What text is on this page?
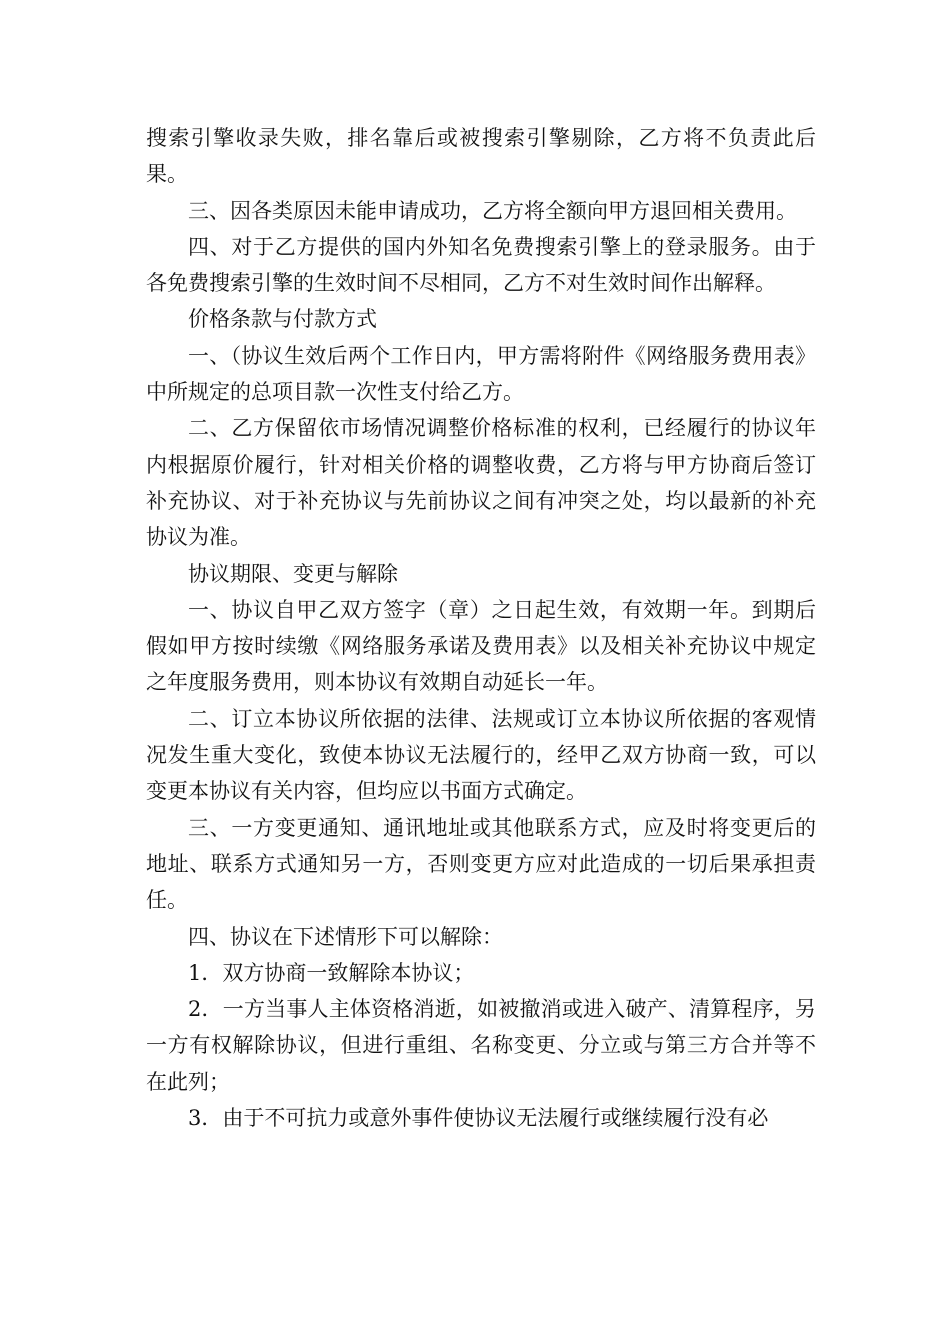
搜索引擎收录失败，排名靠后或被搜索引擎剔除，乙方将不负责此后果。

三、因各类原因未能申请成功，乙方将全额向甲方退回相关费用。

四、对于乙方提供的国内外知名免费搜索引擎上的登录服务。由于各免费搜索引擎的生效时间不尽相同，乙方不对生效时间作出解释。

价格条款与付款方式

一、（协议生效后两个工作日内，甲方需将附件《网络服务费用表》中所规定的总项目款一次性支付给乙方。

二、乙方保留依市场情况调整价格标准的权利，已经履行的协议年内根据原价履行，针对相关价格的调整收费，乙方将与甲方协商后签订补充协议、对于补充协议与先前协议之间有冲突之处，均以最新的补充协议为准。

协议期限、变更与解除

一、协议自甲乙双方签字（章）之日起生效，有效期一年。到期后假如甲方按时续缴《网络服务承诺及费用表》以及相关补充协议中规定之年度服务费用，则本协议有效期自动延长一年。

二、订立本协议所依据的法律、法规或订立本协议所依据的客观情况发生重大变化，致使本协议无法履行的，经甲乙双方协商一致，可以变更本协议有关内容，但均应以书面方式确定。

三、一方变更通知、通讯地址或其他联系方式，应及时将变更后的地址、联系方式通知另一方，否则变更方应对此造成的一切后果承担责任。

四、协议在下述情形下可以解除：

1．双方协商一致解除本协议；

2．一方当事人主体资格消逝，如被撤消或进入破产、清算程序，另一方有权解除协议，但进行重组、名称变更、分立或与第三方合并等不在此列；

3．由于不可抗力或意外事件使协议无法履行或继续履行没有必
